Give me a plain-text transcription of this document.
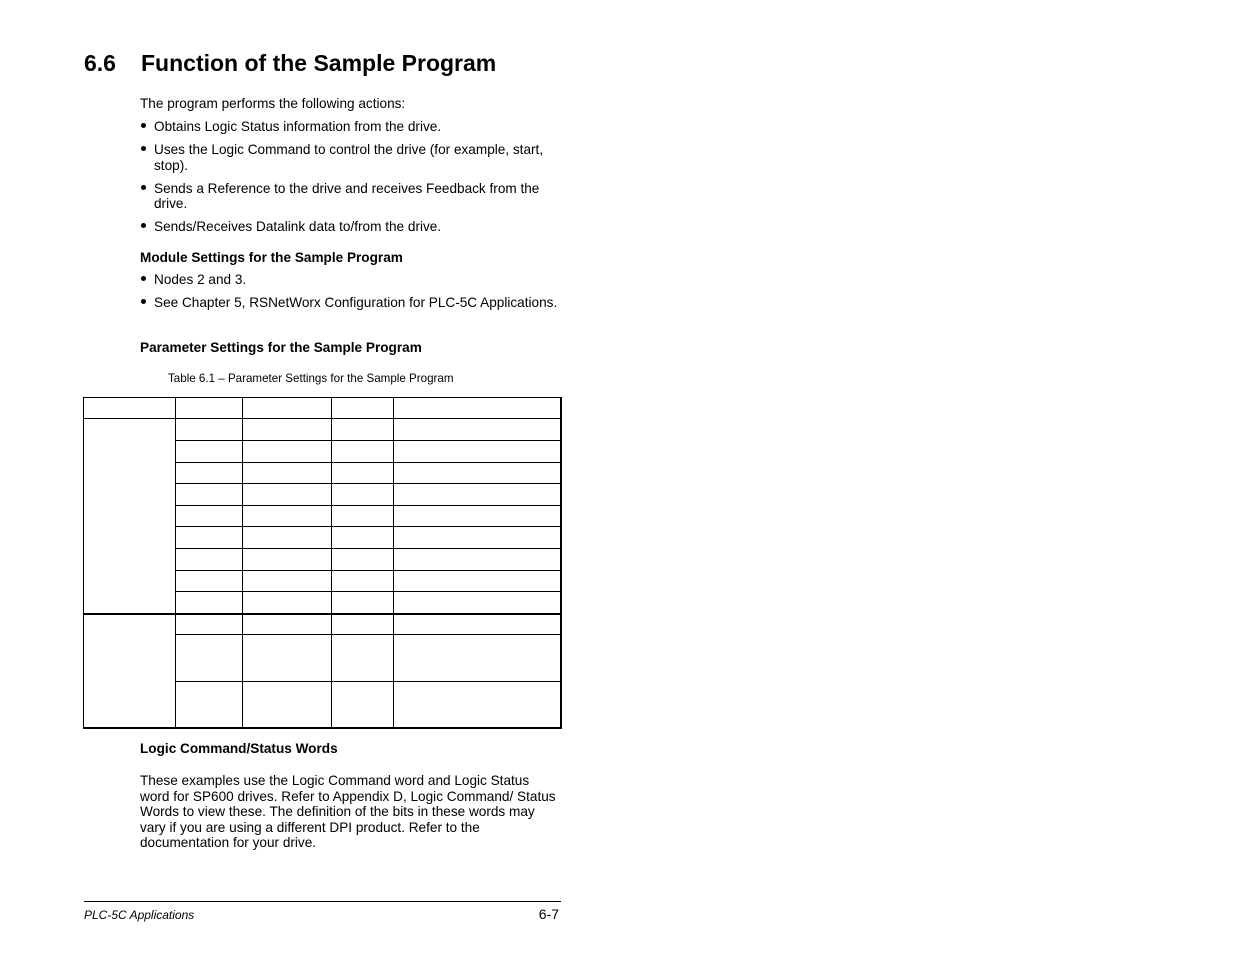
6.6 Function of the Sample Program
The program performs the following actions:
Obtains Logic Status information from the drive.
Uses the Logic Command to control the drive (for example, start, stop).
Sends a Reference to the drive and receives Feedback from the drive.
Sends/Receives Datalink data to/from the drive.
Module Settings for the Sample Program
Nodes 2 and 3.
See Chapter 5, RSNetWorx Configuration for PLC-5C Applications.
Parameter Settings for the Sample Program
Table 6.1 – Parameter Settings for the Sample Program

Logic Command/Status Words

These examples use the Logic Command word and Logic Status word for SP600 drives. Refer to Appendix D, Logic Command/ Status Words to view these. The definition of the bits in these words may vary if you are using a different DPI product. Refer to the documentation for your drive.

PLC-5C Applications	6-7
